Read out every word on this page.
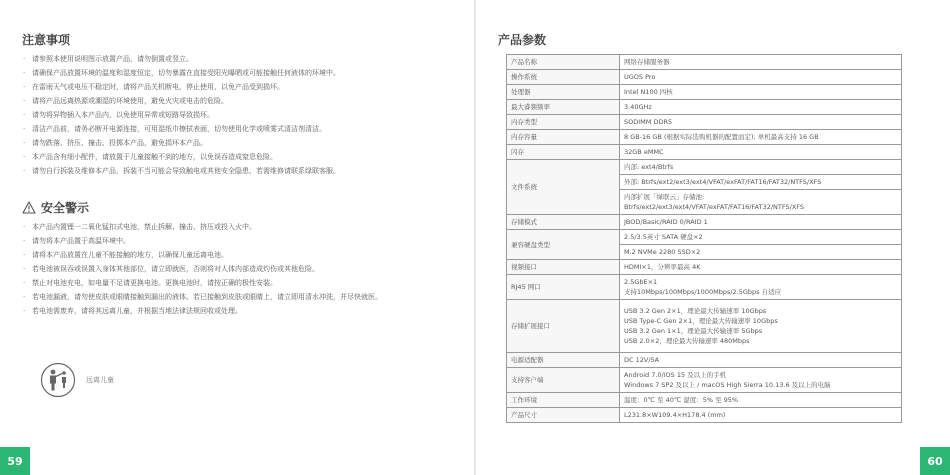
注意事项
· 请参照本使用说明图示放置产品，请勿倒置或竖立。
· 请确保产品放置环境的温度和湿度恒定，切勿暴露在直接受阳光曝晒或可能接触任何液体的环境中。
· 在雷雨天气或电压不稳定时，请将产品关机断电，停止使用，以免产品受到损坏。
· 请将产品远离热源或潮湿的环境使用，避免火灾或电击的危险。
· 请勿将异物插入本产品内，以免使用异常或短路导致损坏。
· 清洁产品前，请务必断开电源连接，可用湿纸巾擦拭表面，切勿使用化学或喷雾式清洁剂清洁。
· 请勿跌落、挤压、撞击、投掷本产品，避免损坏本产品。
· 本产品含有细小配件，请放置于儿童接触不到的地方，以免误吞造成窒息危险。
· 请勿自行拆装及维修本产品，拆装不当可能会导致触电或其他安全隐患，若需维修请联系绿联客服。
安全警示
· 本产品内置锂一二氧化锰扣式电池，禁止拆解、撞击、挤压或投入火中。
· 请勿将本产品置于高温环境中。
· 请将本产品放置在儿童不能接触的地方，以确保儿童远离电池。
· 若电池被误吞或误置入身体其他部位，请立即就医，否则将对人体内部造成灼伤或其他危险。
· 禁止对电池充电，如电量不足请更换电池。更换电池时，请按正确的极性安装。
· 若电池漏液，请勿使皮肤或眼睛接触到漏出的液体。若已接触到皮肤或眼睛上，请立即用清水冲洗，并尽快就医。
· 若电池需废弃，请将其远离儿童，并根据当地法律法规回收或处理。
远离儿童
产品参数
产品名称	网络存储服务器

操作系统	UGOS Pro

处理器	Intel N100 四核

最大睿频频率	3.40GHz

内存类型	SODIMM DDR5

内存容量	8 GB-16 GB (根据实际选购机器的配置而定); 单机最高支持 16 GB

闪存	32GB eMMC

文件系统	内部: ext4/Btrfs

	外部: Btrfs/ext2/ext3/ext4/VFAT/exFAT/FAT16/FAT32/NTFS/XFS

	内部扩展「绿联云」存储池:
Btrfs/ext2/ext3/ext4/VFAT/exFAT/FAT16/FAT32/NTFS/XFS

存储模式	JBOD/Basic/RAID 0/RAID 1

兼容硬盘类型	2.5/3.5英寸 SATA 硬盘×2

	M.2 NVMe 2280 SSD×2

视频接口	HDMI×1，分辨率最高 4K

RJ45 网口	2.5GbE×1
支持10Mbps/100Mbps/1000Mbps/2.5Gbps 自适应

存储扩展接口	USB 3.2 Gen 2×1，理论最大传输速率 10Gbps
USB Type-C Gen 2×1，理论最大传输速率 10Gbps
USB 3.2 Gen 1×1，理论最大传输速率 5Gbps
USB 2.0×2，理论最大传输速率 480Mbps

电源适配器	DC 12V/5A

支持客户端	Android 7.0/iOS 15 及以上的手机
Windows 7 SP2 及以上 / macOS High Sierra 10.13.6 及以上的电脑

工作环境	温度：0℃ 至 40℃ 湿度：5% 至 95%

产品尺寸	L231.8×W109.4×H178.4 (mm)
59	60
